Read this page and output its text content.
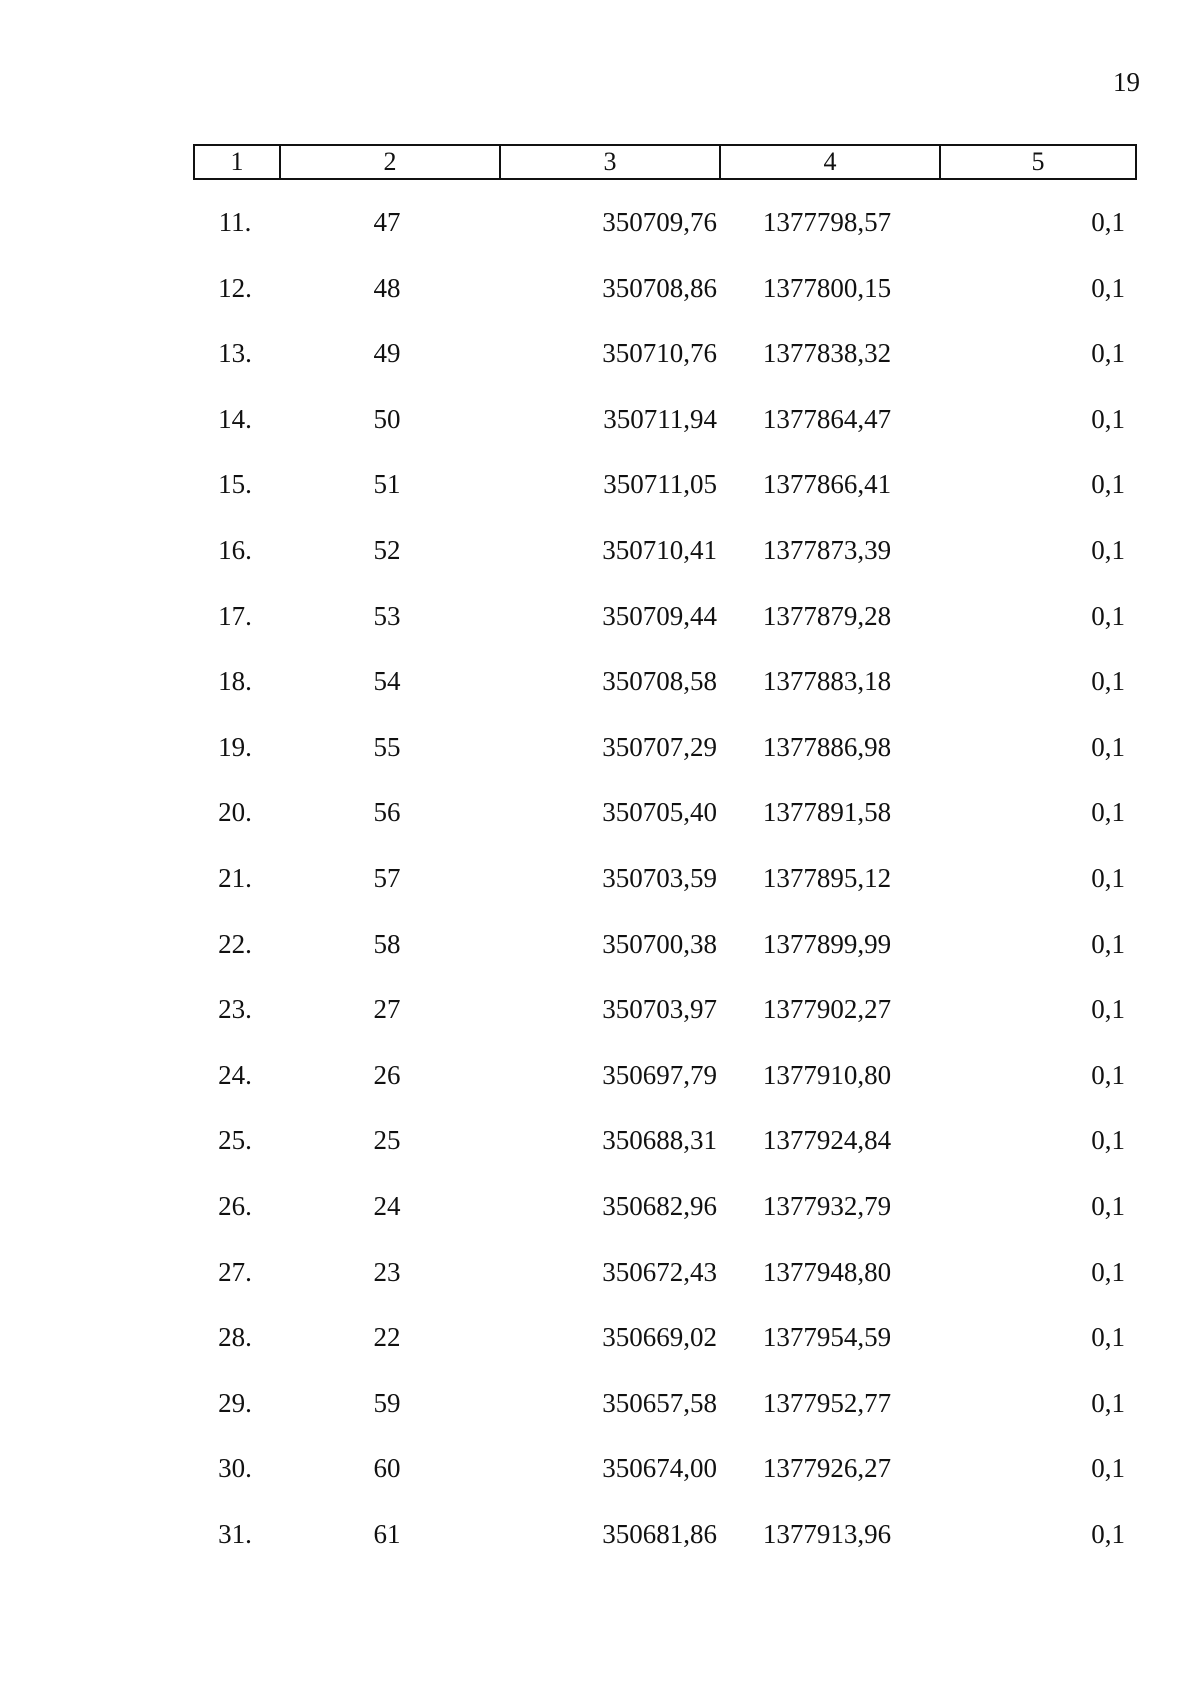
19
1	2	3	4	5
11.	47	350709,76	1377798,57	0,1
12.	48	350708,86	1377800,15	0,1
13.	49	350710,76	1377838,32	0,1
14.	50	350711,94	1377864,47	0,1
15.	51	350711,05	1377866,41	0,1
16.	52	350710,41	1377873,39	0,1
17.	53	350709,44	1377879,28	0,1
18.	54	350708,58	1377883,18	0,1
19.	55	350707,29	1377886,98	0,1
20.	56	350705,40	1377891,58	0,1
21.	57	350703,59	1377895,12	0,1
22.	58	350700,38	1377899,99	0,1
23.	27	350703,97	1377902,27	0,1
24.	26	350697,79	1377910,80	0,1
25.	25	350688,31	1377924,84	0,1
26.	24	350682,96	1377932,79	0,1
27.	23	350672,43	1377948,80	0,1
28.	22	350669,02	1377954,59	0,1
29.	59	350657,58	1377952,77	0,1
30.	60	350674,00	1377926,27	0,1
31.	61	350681,86	1377913,96	0,1
